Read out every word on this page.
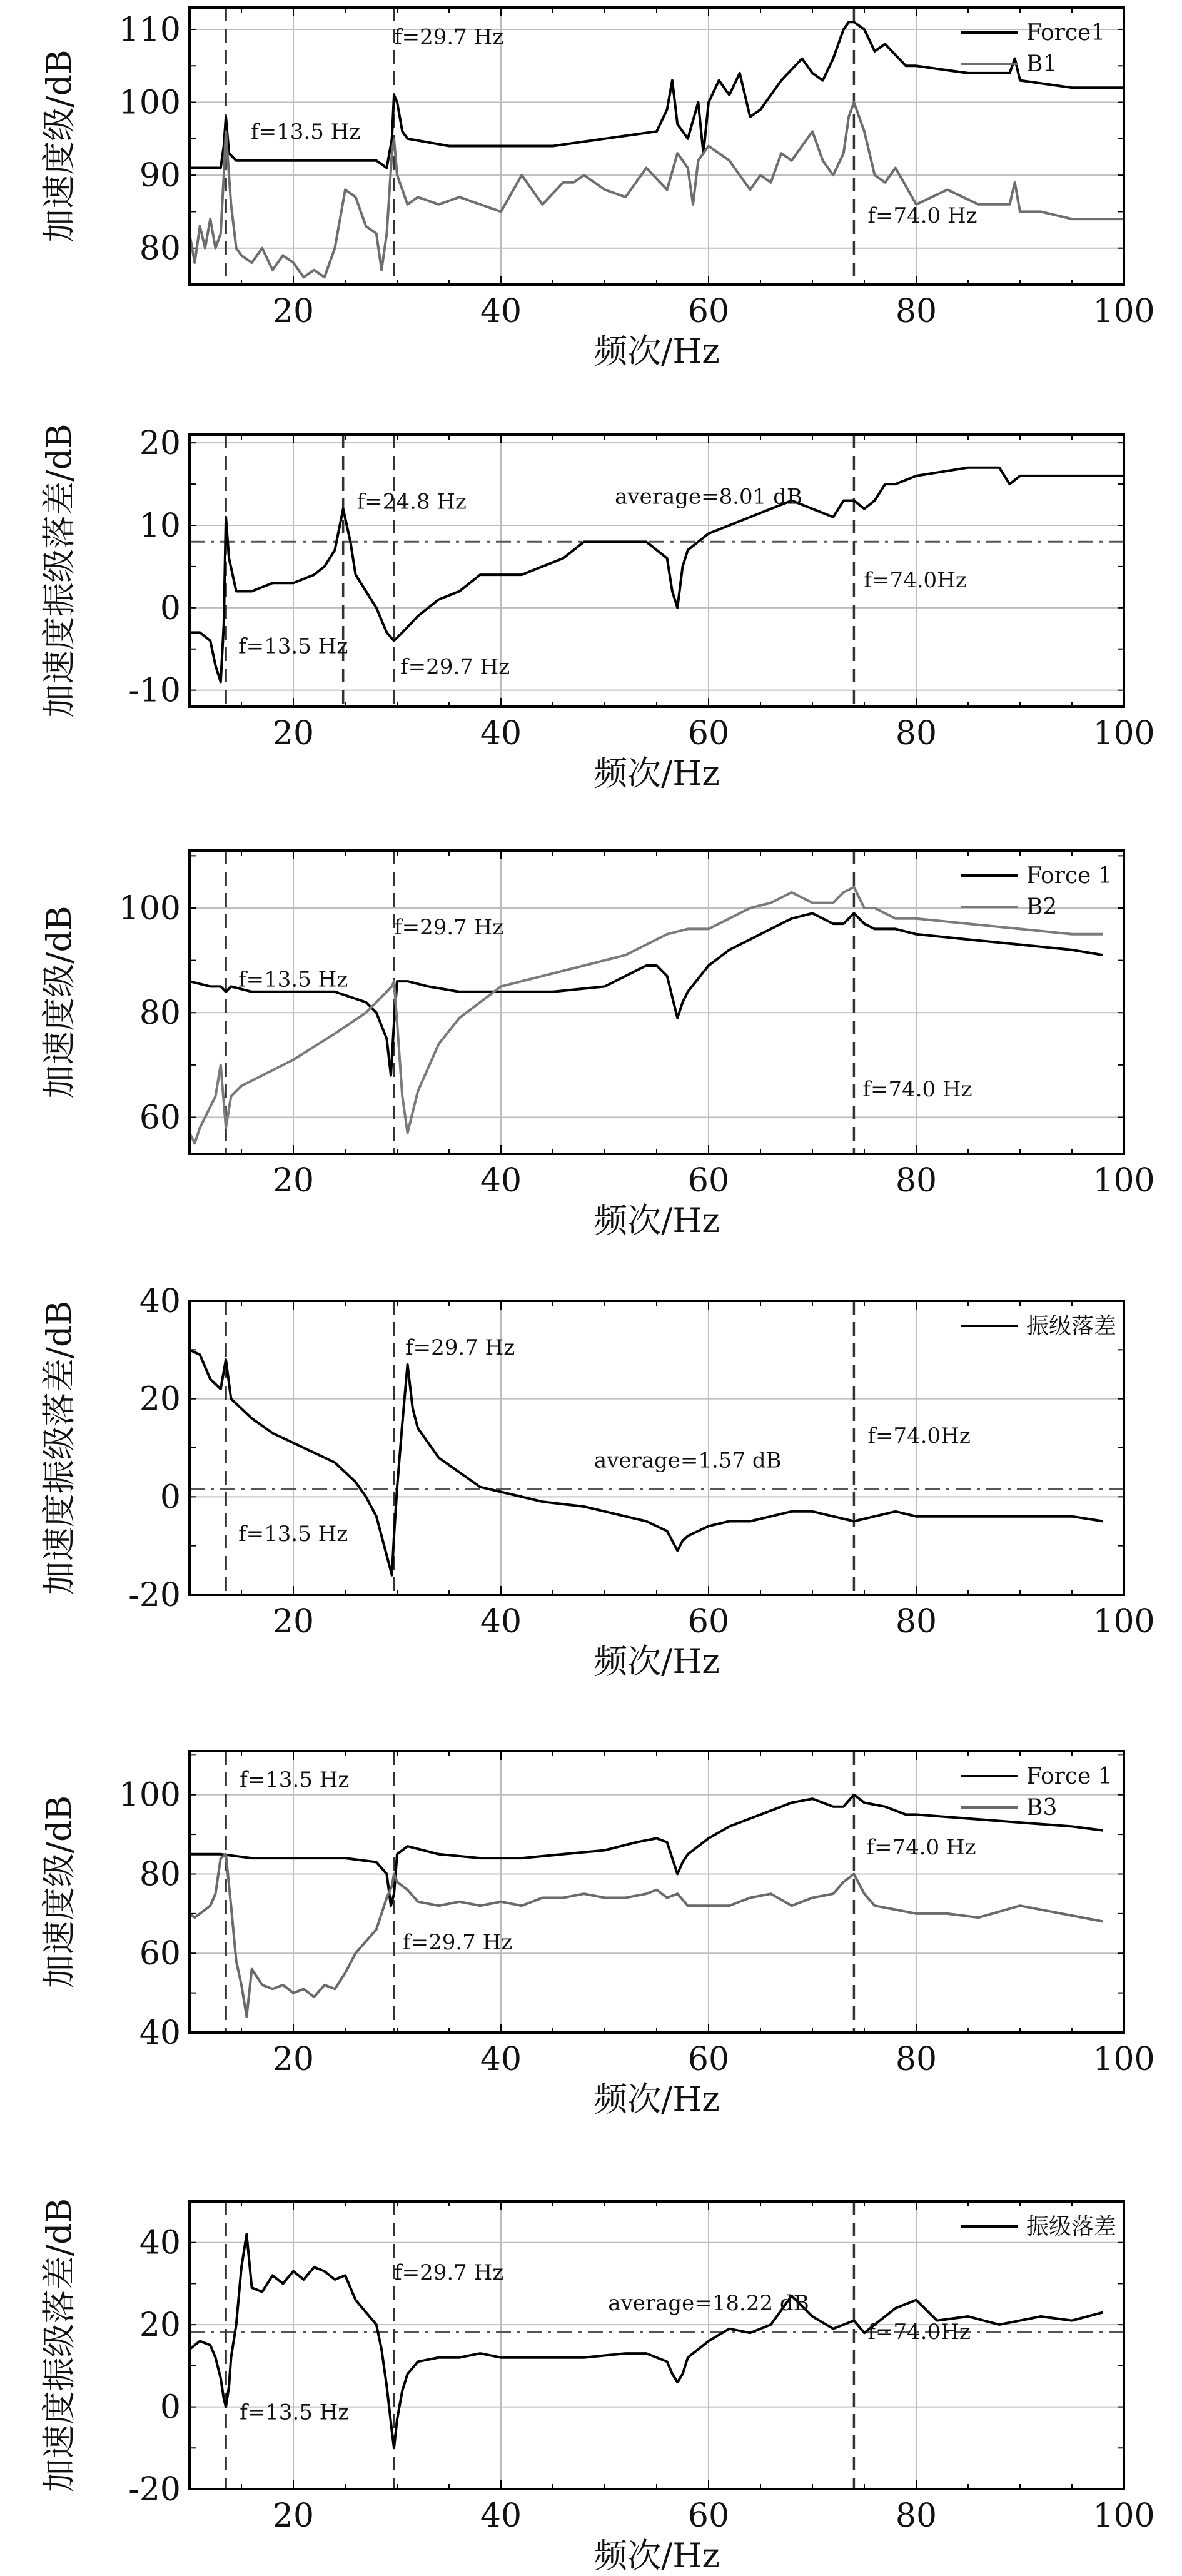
20	40	60	80	100
80
90
100
110
频次/Hz
加速度级/dB	f=13.5 Hz
f=29.7 Hz
f=74.0 Hz
Force1
B1
20	40	60	80	100
-10
0
10
20
频次/Hz
加速度振级落差/dB	f=13.5 Hz
f=24.8 Hz
f=29.7 Hz
f=74.0Hz
average=8.01 dB
20	40	60	80	100
60
80
100
频次/Hz
加速度级/dB	f=13.5 Hz
f=29.7 Hz
f=74.0 Hz
Force 1
B2
20	40	60	80	100
-20
0
20
40
频次/Hz
加速度振级落差/dB	f=13.5 Hz
f=29.7 Hz
f=74.0Hz
average=1.57 dB
振级落差
20	40	60	80	100
40
60
80
100
频次/Hz
加速度级/dB
f=13.5 Hz
f=29.7 Hz
f=74.0 Hz
Force 1
B3
20	40	60	80	100
-20
0
20
40
频次/Hz
加速度振级落差/dB	f=13.5 Hz
f=29.7 Hz
f=74.0Hz
average=18.22 dB
振级落差
